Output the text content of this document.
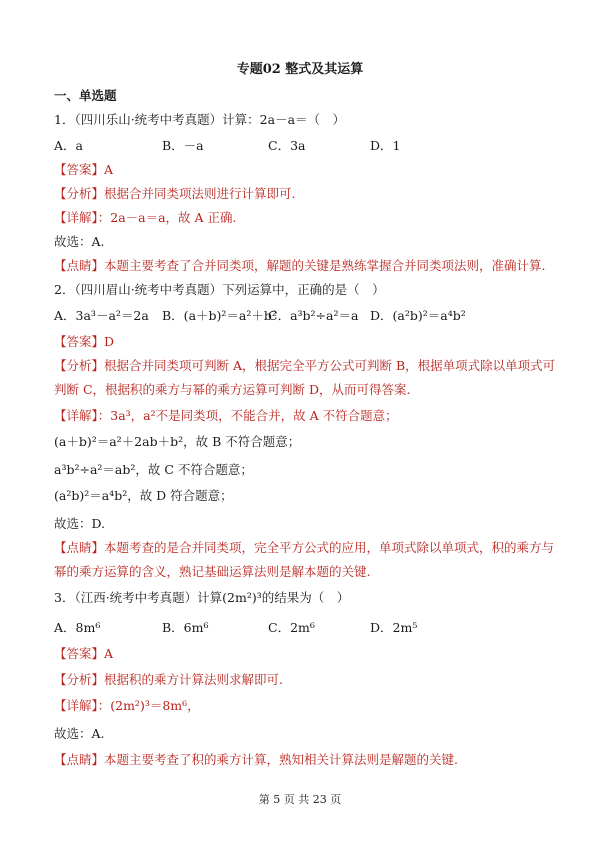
专题02 整式及其运算
一、单选题
1．（四川乐山·统考中考真题）计算：2a－a＝（　）
A．a	B．－a	C．3a	D．1
【答案】A
【分析】根据合并同类项法则进行计算即可.
【详解】：2a－a＝a，故 A 正确.
故选：A.
【点睛】本题主要考查了合并同类项，解题的关键是熟练掌握合并同类项法则，准确计算.
2．（四川眉山·统考中考真题）下列运算中，正确的是（　）
A．3a³－a²＝2a B．(a＋b)²＝a²＋b²
C．a³b²÷a²＝a D．(a²b)²＝a⁴b²
【答案】D
【分析】根据合并同类项可判断 A，根据完全平方公式可判断 B，根据单项式除以单项式可
判断 C，根据积的乘方与幂的乘方运算可判断 D，从而可得答案.
【详解】：3a³，a²不是同类项，不能合并，故 A 不符合题意；
(a＋b)²＝a²＋2ab＋b²，故 B 不符合题意；
a³b²÷a²＝ab²，故 C 不符合题意；
(a²b)²＝a⁴b²，故 D 符合题意；
故选：D.
【点睛】本题考查的是合并同类项，完全平方公式的应用，单项式除以单项式，积的乘方与
幂的乘方运算的含义，熟记基础运算法则是解本题的关键.
3．（江西·统考中考真题）计算(2m²)³的结果为（　）
A．8m⁶	B．6m⁶	C．2m⁶	D．2m⁵
【答案】A
【分析】根据积的乘方计算法则求解即可.
【详解】：(2m²)³＝8m⁶，
故选：A.
【点睛】本题主要考查了积的乘方计算，熟知相关计算法则是解题的关键.
第 5 页 共 23 页
